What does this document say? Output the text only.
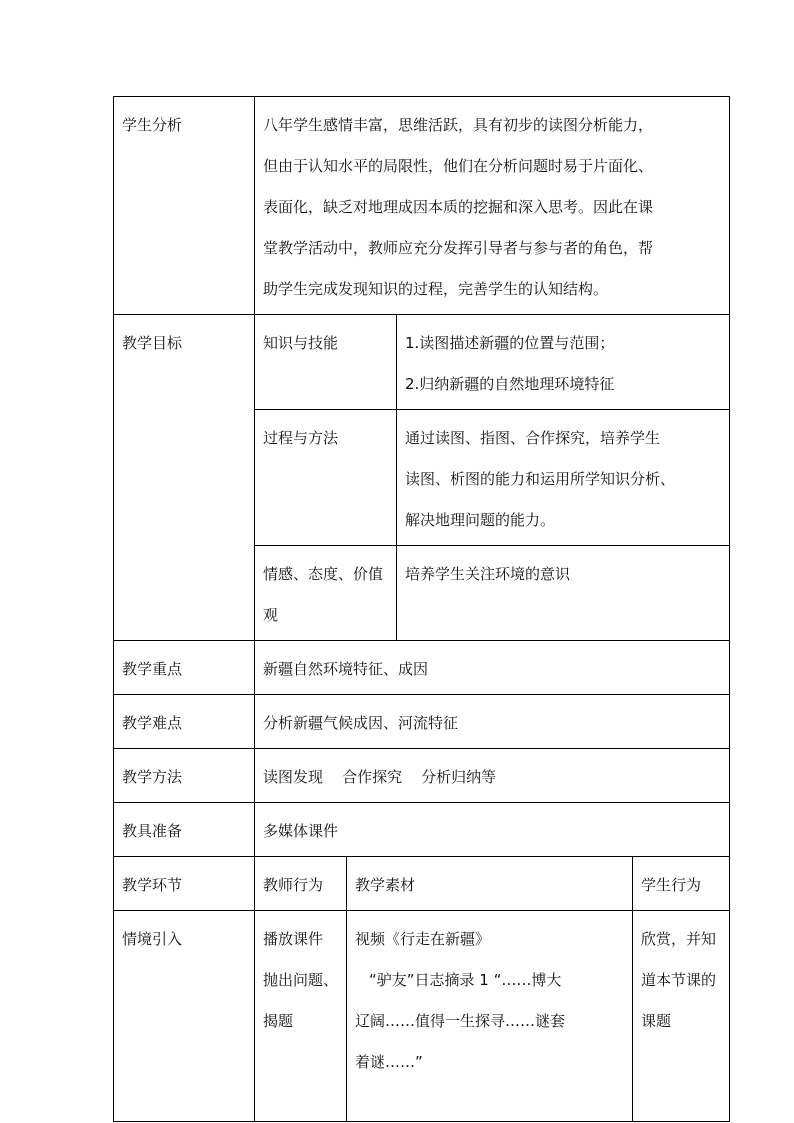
学生分析	八年学生感情丰富，思维活跃，具有初步的读图分析能力，
但由于认知水平的局限性，他们在分析问题时易于片面化、
表面化，缺乏对地理成因本质的挖掘和深入思考。因此在课
堂教学活动中，教师应充分发挥引导者与参与者的角色，帮
助学生完成发现知识的过程，完善学生的认知结构。			

教学目标	知识与技能		1.读图描述新疆的位置与范围；
2.归纳新疆的自然地理环境特征	

	过程与方法		通过读图、指图、合作探究，培养学生
读图、析图的能力和运用所学知识分析、
解决地理问题的能力。	

	情感、态度、价值
观		培养学生关注环境的意识	
教学重点	新疆自然环境特征、成因			
教学难点	分析新疆气候成因、河流特征			
教学方法	读图发现    合作探究    分析归纳等			
教具准备	多媒体课件			
教学环节	教师行为	教学素材		学生行为
情境引入	播放课件
抛出问题、
揭题	视频《行走在新疆》
“驴友”日志摘录 1 “……博大
辽阔……值得一生探寻……谜套
着谜……”		欣赏，并知
道本节课的
课题
